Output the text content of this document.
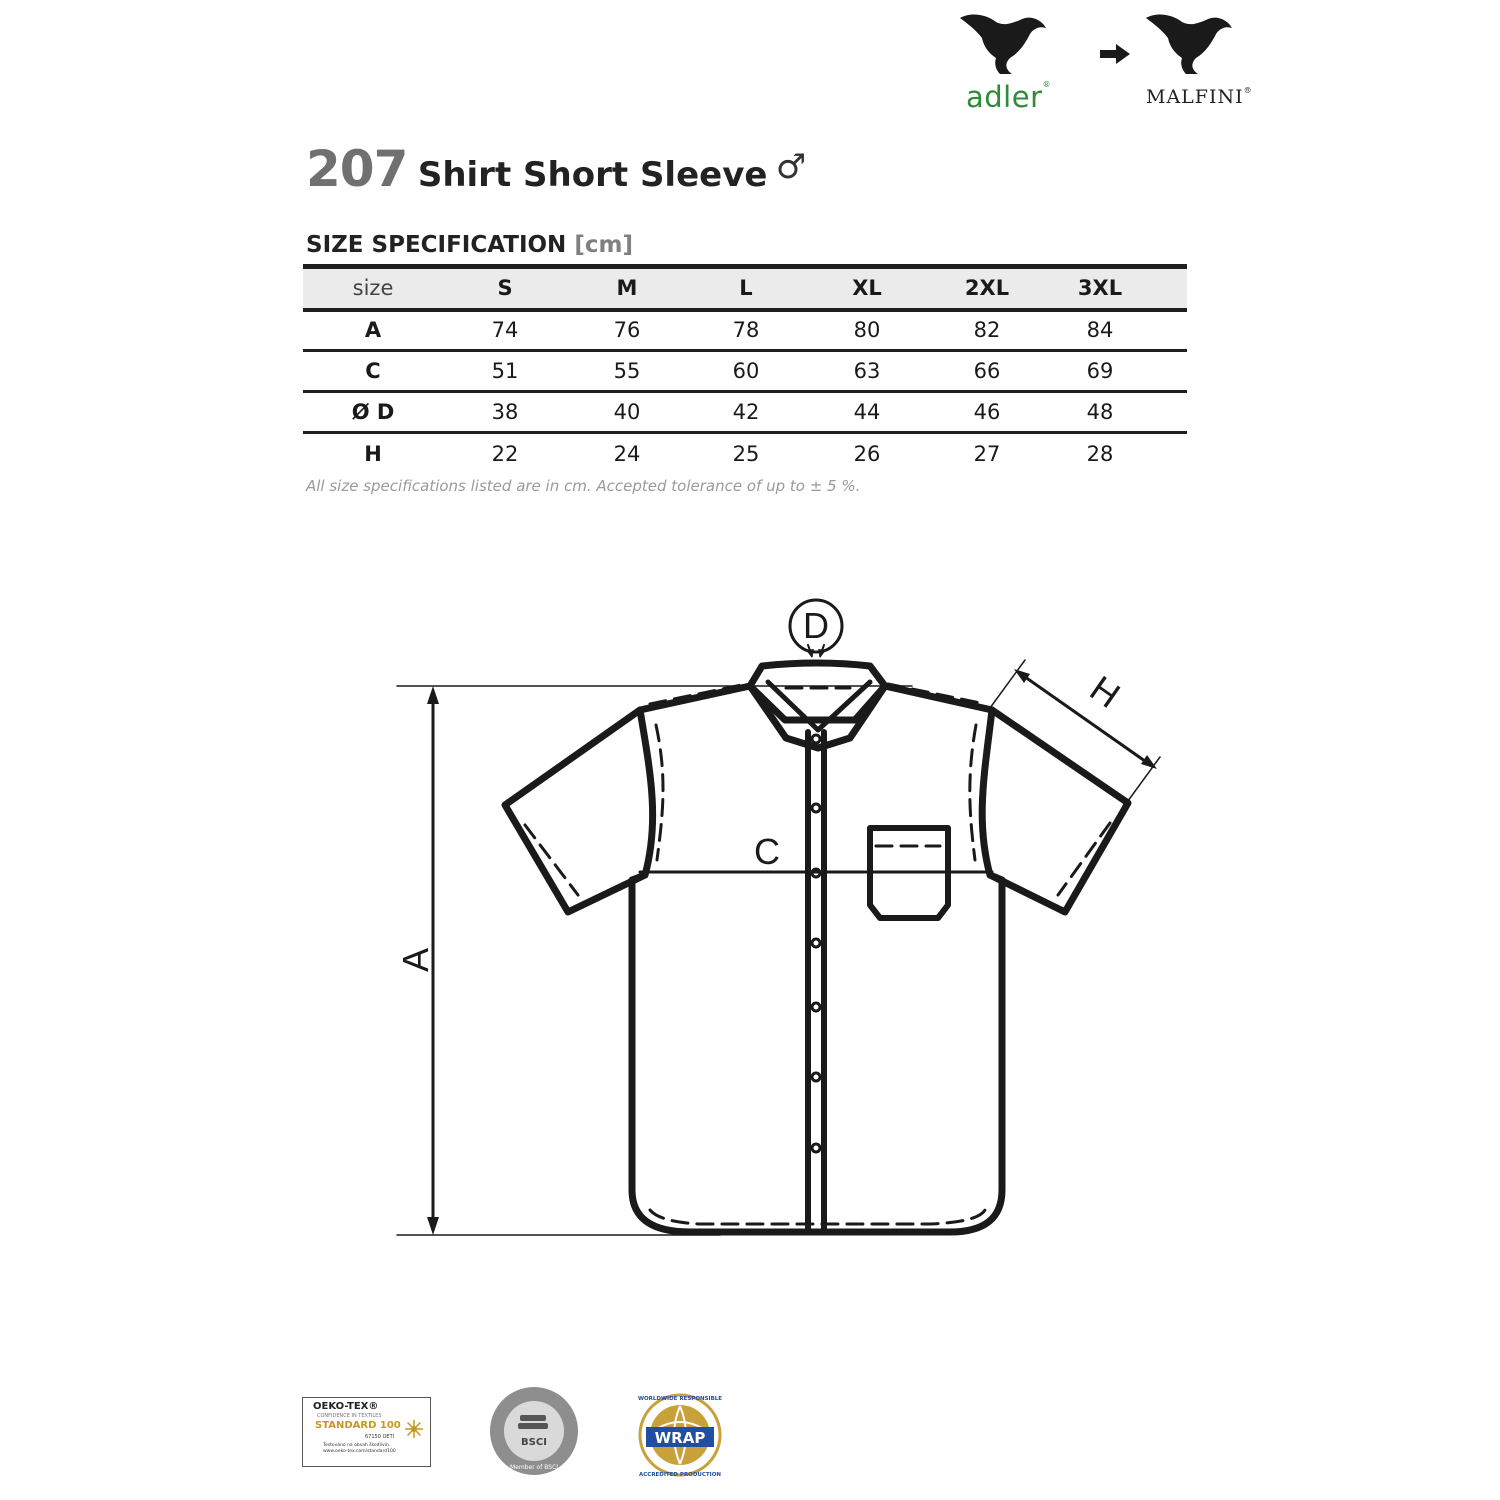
adler®
MALFINI®
207 Shirt Short Sleeve ♂
SIZE SPECIFICATION [cm]
size	S	M	L	XL	2XL	3XL	
A	74	76	78	80	82	84	
C	51	55	60	63	66	69	
Ø D	38	40	42	44	46	48	
H	22	24	25	26	27	28	
All size specifications listed are in cm. Accepted tolerance of up to ± 5 %.
A
C
D
H
OEKO-TEX®
CONFIDENCE IN TEXTILES
STANDARD 100
67150 OETI
Testováno na obsah škodlivin.
www.oeko-tex.com/standard100
BSCI
Member of BSCI
WRAP
WORLDWIDE RESPONSIBLE
ACCREDITED PRODUCTION
